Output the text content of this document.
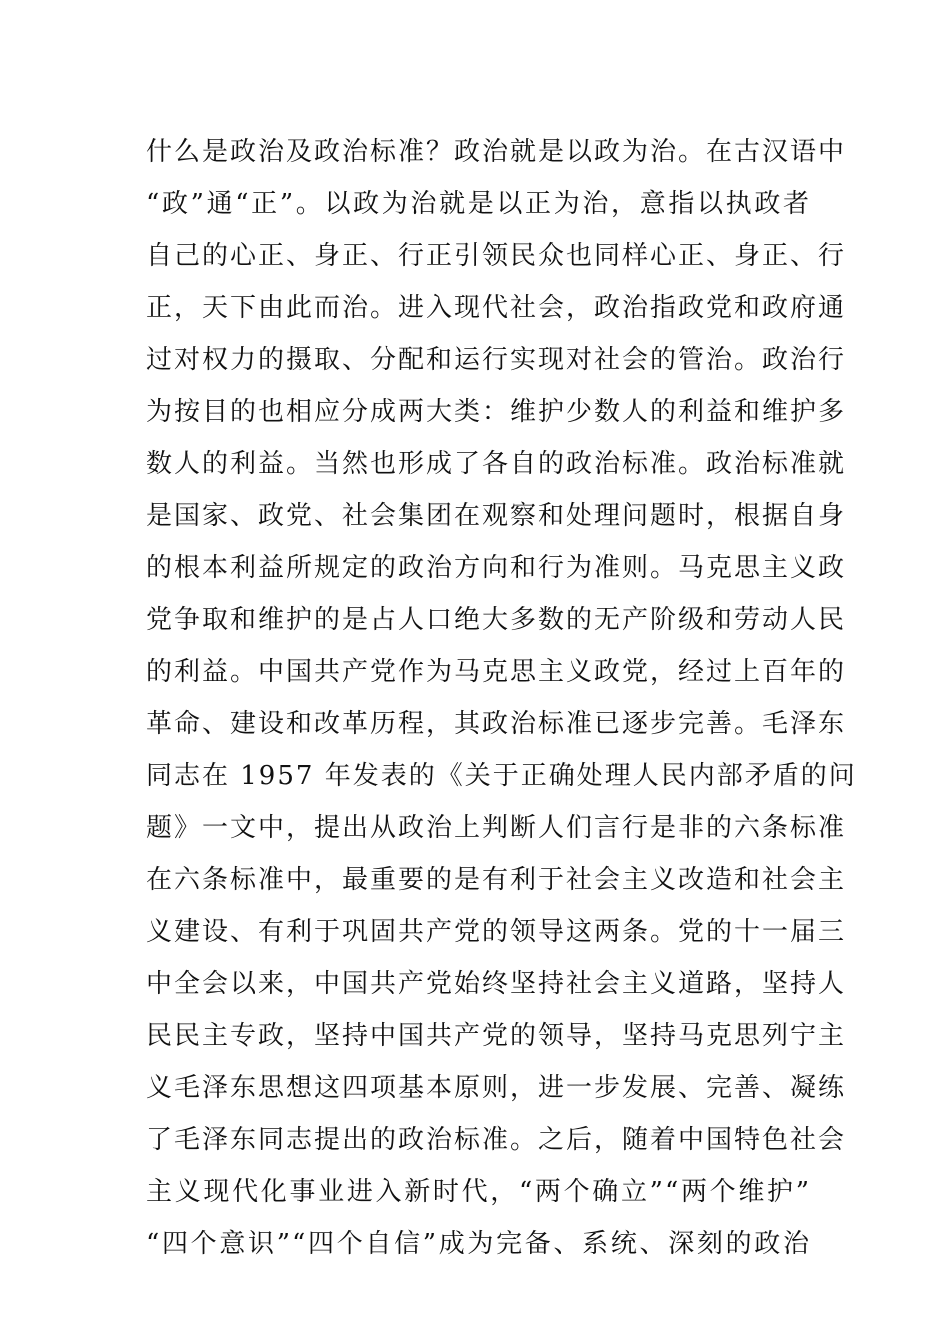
什么是政治及政治标准？政治就是以政为治。在古汉语中
“政”通“正”。以政为治就是以正为治，意指以执政者
自己的心正、身正、行正引领民众也同样心正、身正、行
正，天下由此而治。进入现代社会，政治指政党和政府通
过对权力的摄取、分配和运行实现对社会的管治。政治行
为按目的也相应分成两大类：维护少数人的利益和维护多
数人的利益。当然也形成了各自的政治标准。政治标准就
是国家、政党、社会集团在观察和处理问题时，根据自身
的根本利益所规定的政治方向和行为准则。马克思主义政
党争取和维护的是占人口绝大多数的无产阶级和劳动人民
的利益。中国共产党作为马克思主义政党，经过上百年的
革命、建设和改革历程，其政治标准已逐步完善。毛泽东
同志在 1957 年发表的《关于正确处理人民内部矛盾的问
题》一文中，提出从政治上判断人们言行是非的六条标准
在六条标准中，最重要的是有利于社会主义改造和社会主
义建设、有利于巩固共产党的领导这两条。党的十一届三
中全会以来，中国共产党始终坚持社会主义道路，坚持人
民民主专政，坚持中国共产党的领导，坚持马克思列宁主
义毛泽东思想这四项基本原则，进一步发展、完善、凝练
了毛泽东同志提出的政治标准。之后，随着中国特色社会
主义现代化事业进入新时代，“两个确立”“两个维护”
“四个意识”“四个自信”成为完备、系统、深刻的政治
